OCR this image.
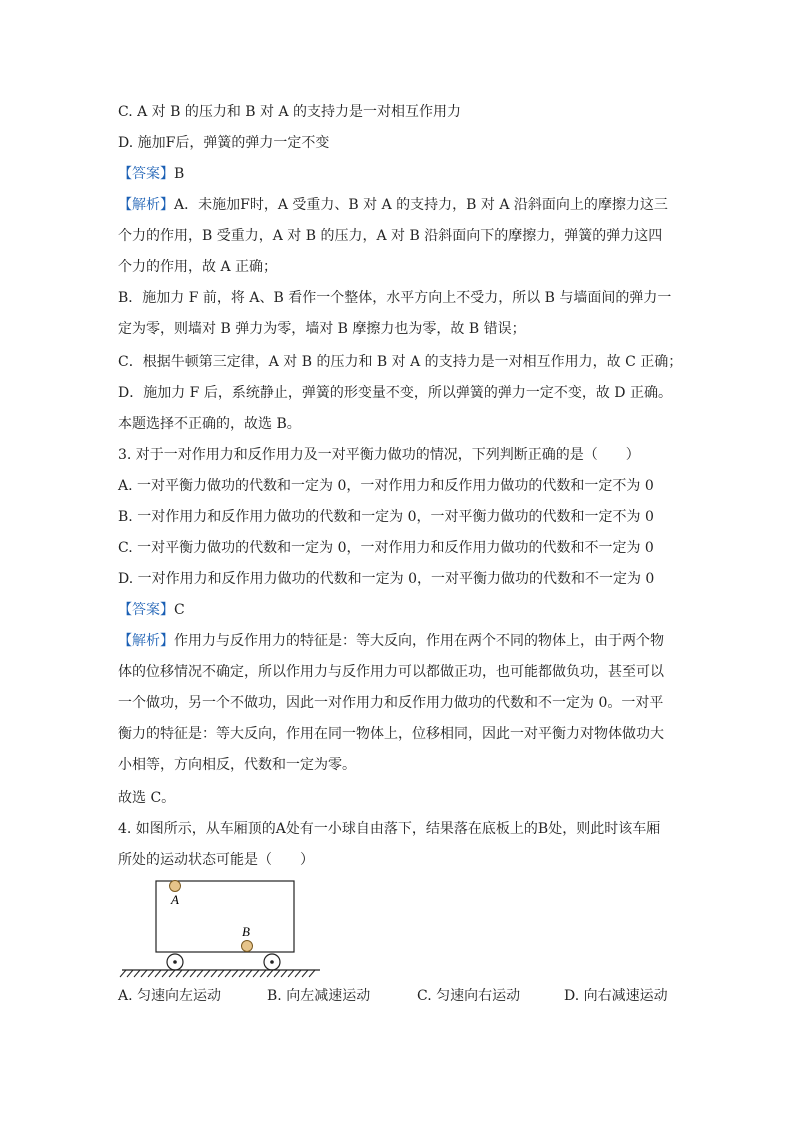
C. A 对 B 的压力和 B 对 A 的支持力是一对相互作用力
D. 施加F后，弹簧的弹力一定不变
【答案】B
【解析】A．未施加F时，A 受重力、B 对 A 的支持力，B 对 A 沿斜面向上的摩擦力这三个力的作用，B 受重力，A 对 B 的压力，A 对 B 沿斜面向下的摩擦力，弹簧的弹力这四个力的作用，故 A 正确；
B．施加力 F 前，将 A、B 看作一个整体，水平方向上不受力，所以 B 与墙面间的弹力一定为零，则墙对 B 弹力为零，墙对 B 摩擦力也为零，故 B 错误；
C．根据牛顿第三定律，A 对 B 的压力和 B 对 A 的支持力是一对相互作用力，故 C 正确；
D．施加力 F 后，系统静止，弹簧的形变量不变，所以弹簧的弹力一定不变，故 D 正确。
本题选择不正确的，故选 B。
3. 对于一对作用力和反作用力及一对平衡力做功的情况，下列判断正确的是（　　）
A. 一对平衡力做功的代数和一定为 0，一对作用力和反作用力做功的代数和一定不为 0
B. 一对作用力和反作用力做功的代数和一定为 0，一对平衡力做功的代数和一定不为 0
C. 一对平衡力做功的代数和一定为 0，一对作用力和反作用力做功的代数和不一定为 0
D. 一对作用力和反作用力做功的代数和一定为 0，一对平衡力做功的代数和不一定为 0
【答案】C
【解析】作用力与反作用力的特征是：等大反向，作用在两个不同的物体上，由于两个物体的位移情况不确定，所以作用力与反作用力可以都做正功，也可能都做负功，甚至可以一个做功，另一个不做功，因此一对作用力和反作用力做功的代数和不一定为 0。一对平衡力的特征是：等大反向，作用在同一物体上，位移相同，因此一对平衡力对物体做功大小相等，方向相反，代数和一定为零。
故选 C。
4. 如图所示，从车厢顶的A处有一小球自由落下，结果落在底板上的B处，则此时该车厢所处的运动状态可能是（　　）
A
B
A. 匀速向左运动	B. 向左减速运动	C. 匀速向右运动	D. 向右减速运动
